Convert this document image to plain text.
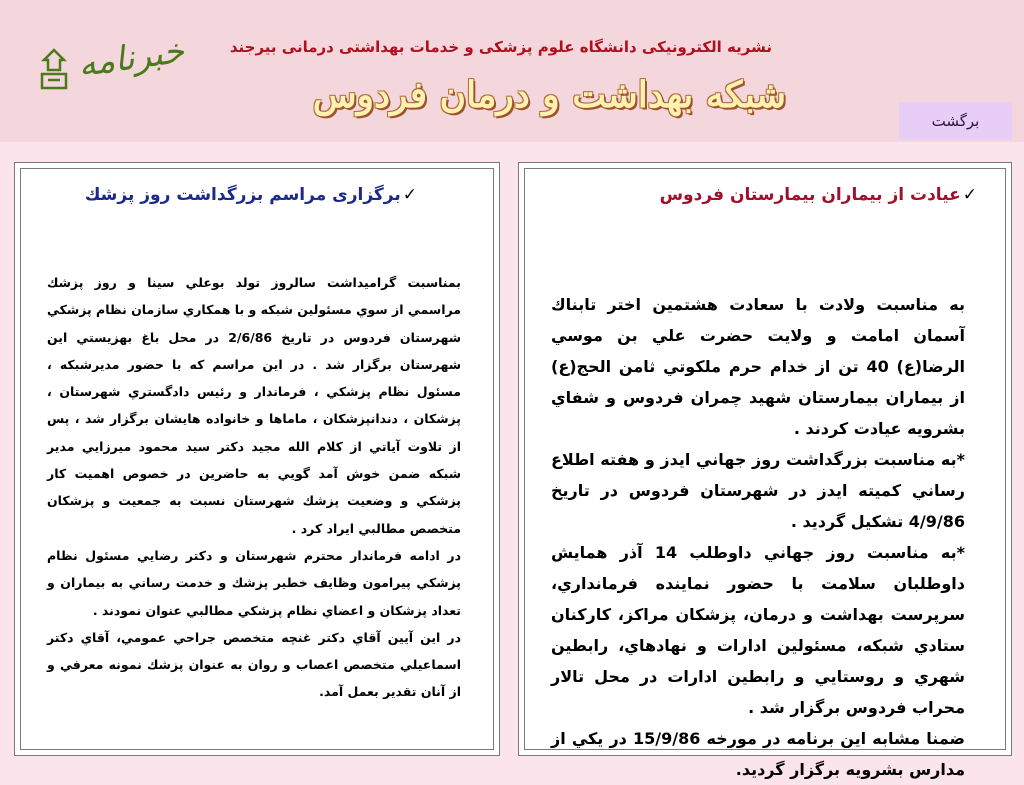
خبرنامه	نشریه الکترونیکی دانشگاه علوم پزشکی و خدمات بهداشتی درمانی بیرجند
شبکه بهداشت و درمان فردوس
برگشت
✓عیادت از بیماران بیمارستان فردوس

به مناسبت ولادت با سعادت هشتمین اختر تابناك آسمان امامت و ولايت حضرت علي بن موسي الرضا(ع) 40 تن از خدام حرم ملكوتي ثامن الحج(ع) از بیماران بیمارستان شهید چمران فردوس و شفاي بشرويه عيادت كردند .

*به مناسبت بزرگداشت روز جهاني ايدز و هفته اطلاع رساني كميته ايدز در شهرستان فردوس در تاريخ 4/9/86 تشكيل گرديد .

*به مناسبت روز جهاني داوطلب 14 آذر همايش داوطلبان سلامت با حضور نماينده فرمانداري، سرپرست بهداشت و درمان، پزشكان مراكز، كاركنان ستادي شبكه، مسئولين ادارات و نهادهاي، رابطين شهري و روستايي و رابطين ادارات در محل تالار محراب فردوس برگزار شد .

ضمنا مشابه اين برنامه در مورخه 15/9/86 در يكي از مدارس بشرويه برگزار گرديد.

✓برگزاری مراسم بزرگداشت روز پزشك

بمناسبت گراميداشت سالروز تولد بوعلي سينا و روز پزشك مراسمي از سوي مسئولين شبكه و با همكاري سازمان نظام پزشكي شهرستان فردوس در تاريخ 2/6/86 در محل باغ بهزيستي اين شهرستان برگزار شد . در اين مراسم كه با حضور مديرشبكه ، مسئول نظام پزشكي ، فرماندار و رئيس دادگستري شهرستان ، پزشكان ، دندانپزشكان ، ماماها و خانواده هايشان برگزار شد ، پس از تلاوت آياتي از كلام الله مجيد دكتر سيد محمود ميرزايي مدير شبكه ضمن خوش آمد گويي به حاضرين در خصوص اهميت كار پزشكي و وضعيت پزشك شهرستان نسبت به جمعيت و پزشكان متخصص مطالبي ايراد كرد .

در ادامه فرماندار محترم شهرستان و دكتر رضايي مسئول نظام پزشكي پيرامون وظايف خطير پزشك و خدمت رساني به بيماران و تعداد پزشكان و اعضاي نظام پزشكي مطالبي عنوان نمودند .

در اين آيين آقاي دكتر غنچه متخصص جراحي عمومي، آقاي دكتر اسماعيلي متخصص اعصاب و روان به عنوان پزشك نمونه معرفي و از آنان تقدير بعمل آمد.
